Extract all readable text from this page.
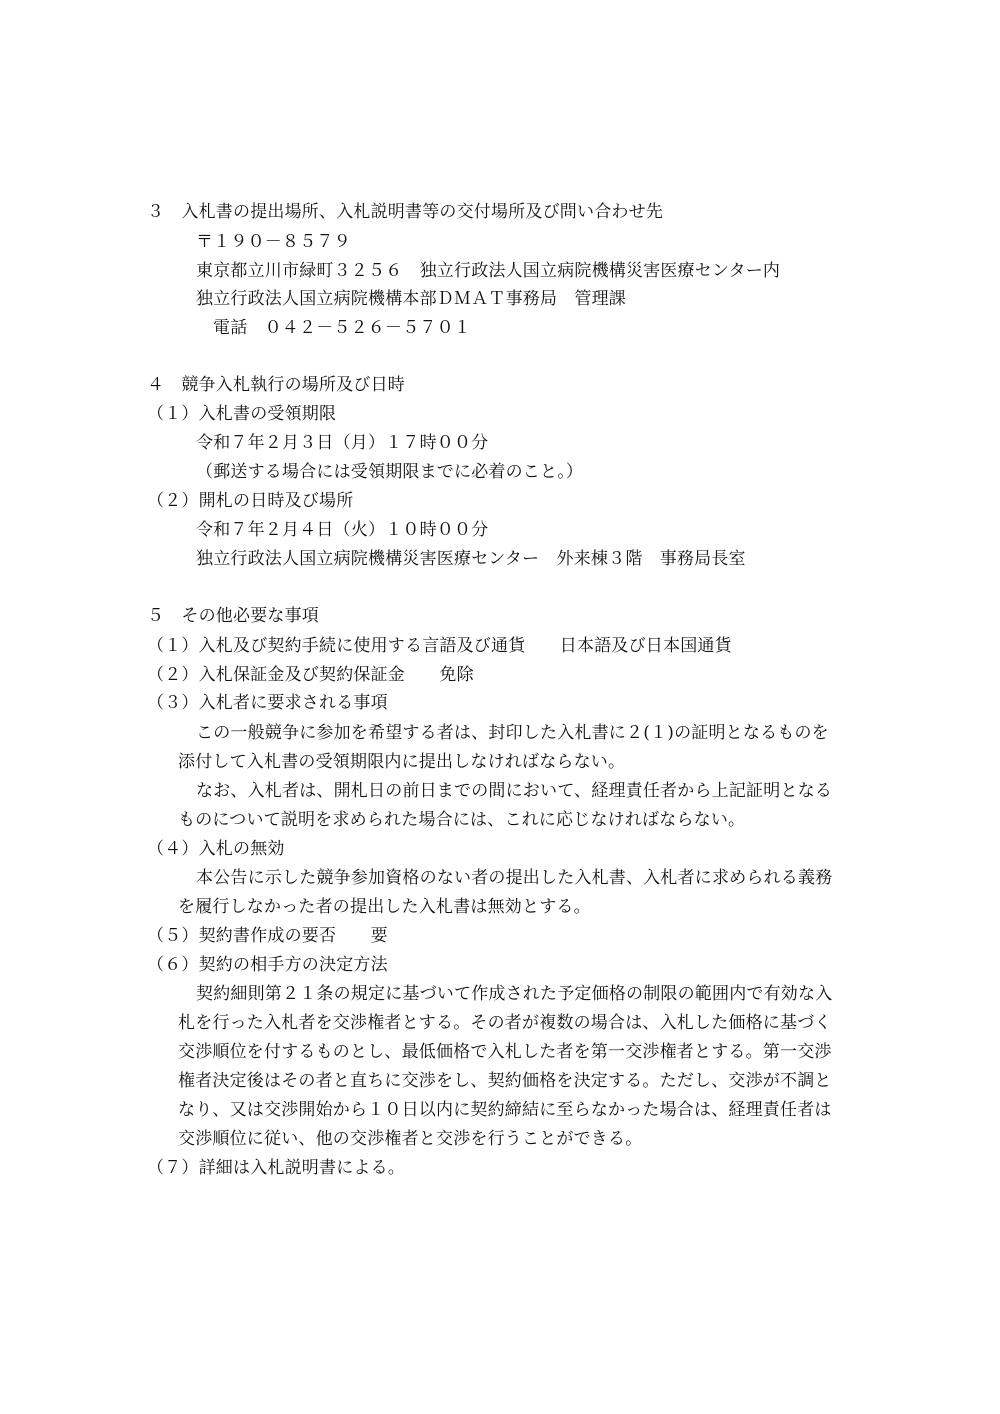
３　入札書の提出場所、入札説明書等の交付場所及び問い合わせ先
〒１９０－８５７９
東京都立川市緑町３２５６　独立行政法人国立病院機構災害医療センター内
独立行政法人国立病院機構本部ＤＭＡＴ事務局　管理課
電話　０４２－５２６－５７０１
４　競争入札執行の場所及び日時
（１）入札書の受領期限
令和７年２月３日（月）１７時００分
（郵送する場合には受領期限までに必着のこと。）
（２）開札の日時及び場所
令和７年２月４日（火）１０時００分
独立行政法人国立病院機構災害医療センター　外来棟３階　事務局長室
５　その他必要な事項
（１）入札及び契約手続に使用する言語及び通貨　　日本語及び日本国通貨
（２）入札保証金及び契約保証金　　免除
（３）入札者に要求される事項
この一般競争に参加を希望する者は、封印した入札書に２(１)の証明となるものを
添付して入札書の受領期限内に提出しなければならない。
なお、入札者は、開札日の前日までの間において、経理責任者から上記証明となる
ものについて説明を求められた場合には、これに応じなければならない。
（４）入札の無効
本公告に示した競争参加資格のない者の提出した入札書、入札者に求められる義務
を履行しなかった者の提出した入札書は無効とする。
（５）契約書作成の要否　　要
（６）契約の相手方の決定方法
契約細則第２１条の規定に基づいて作成された予定価格の制限の範囲内で有効な入
札を行った入札者を交渉権者とする。その者が複数の場合は、入札した価格に基づく
交渉順位を付するものとし、最低価格で入札した者を第一交渉権者とする。第一交渉
権者決定後はその者と直ちに交渉をし、契約価格を決定する。ただし、交渉が不調と
なり、又は交渉開始から１０日以内に契約締結に至らなかった場合は、経理責任者は
交渉順位に従い、他の交渉権者と交渉を行うことができる。
（７）詳細は入札説明書による。
